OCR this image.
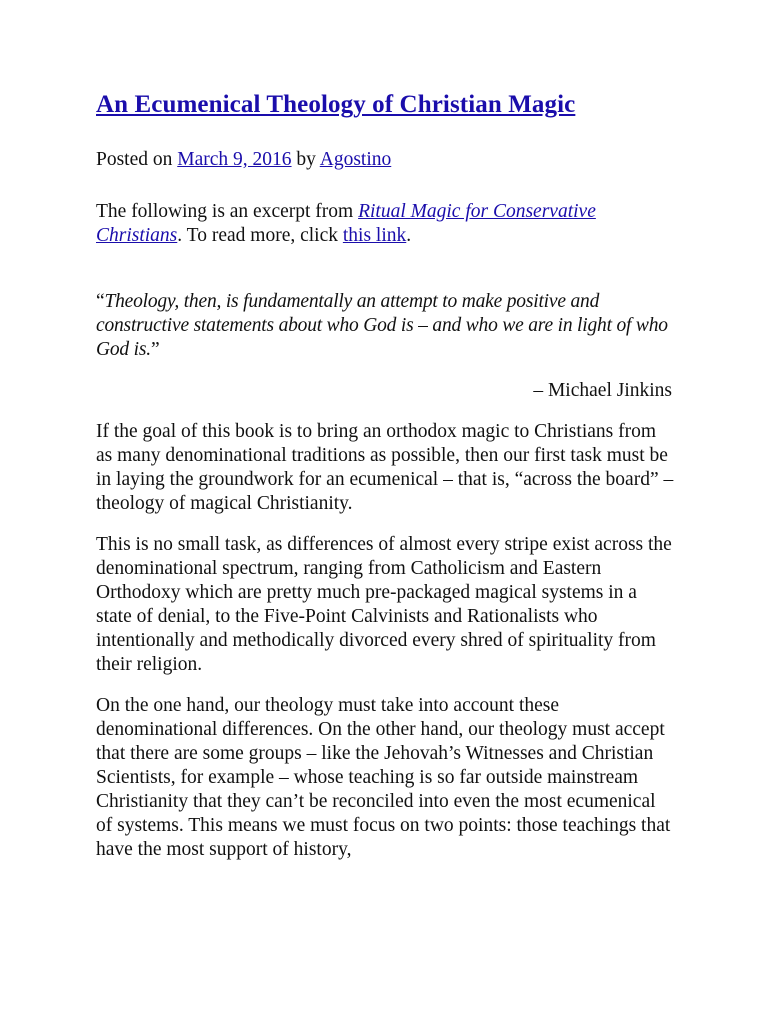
An Ecumenical Theology of Christian Magic

Posted on March 9, 2016 by Agostino

The following is an excerpt from Ritual Magic for Conservative Christians. To read more, click this link.

“Theology, then, is fundamentally an attempt to make positive and constructive statements about who God is – and who we are in light of who God is.”

– Michael Jinkins

If the goal of this book is to bring an orthodox magic to Christians from as many denominational traditions as possible, then our first task must be in laying the groundwork for an ecumenical – that is, “across the board” – theology of magical Christianity.

This is no small task, as differences of almost every stripe exist across the denominational spectrum, ranging from Catholicism and Eastern Orthodoxy which are pretty much pre-packaged magical systems in a state of denial, to the Five-Point Calvinists and Rationalists who intentionally and methodically divorced every shred of spirituality from their religion.

On the one hand, our theology must take into account these denominational differences. On the other hand, our theology must accept that there are some groups – like the Jehovah’s Witnesses and Christian Scientists, for example – whose teaching is so far outside mainstream Christianity that they can’t be reconciled into even the most ecumenical of systems. This means we must focus on two points: those teachings that have the most support of history,
